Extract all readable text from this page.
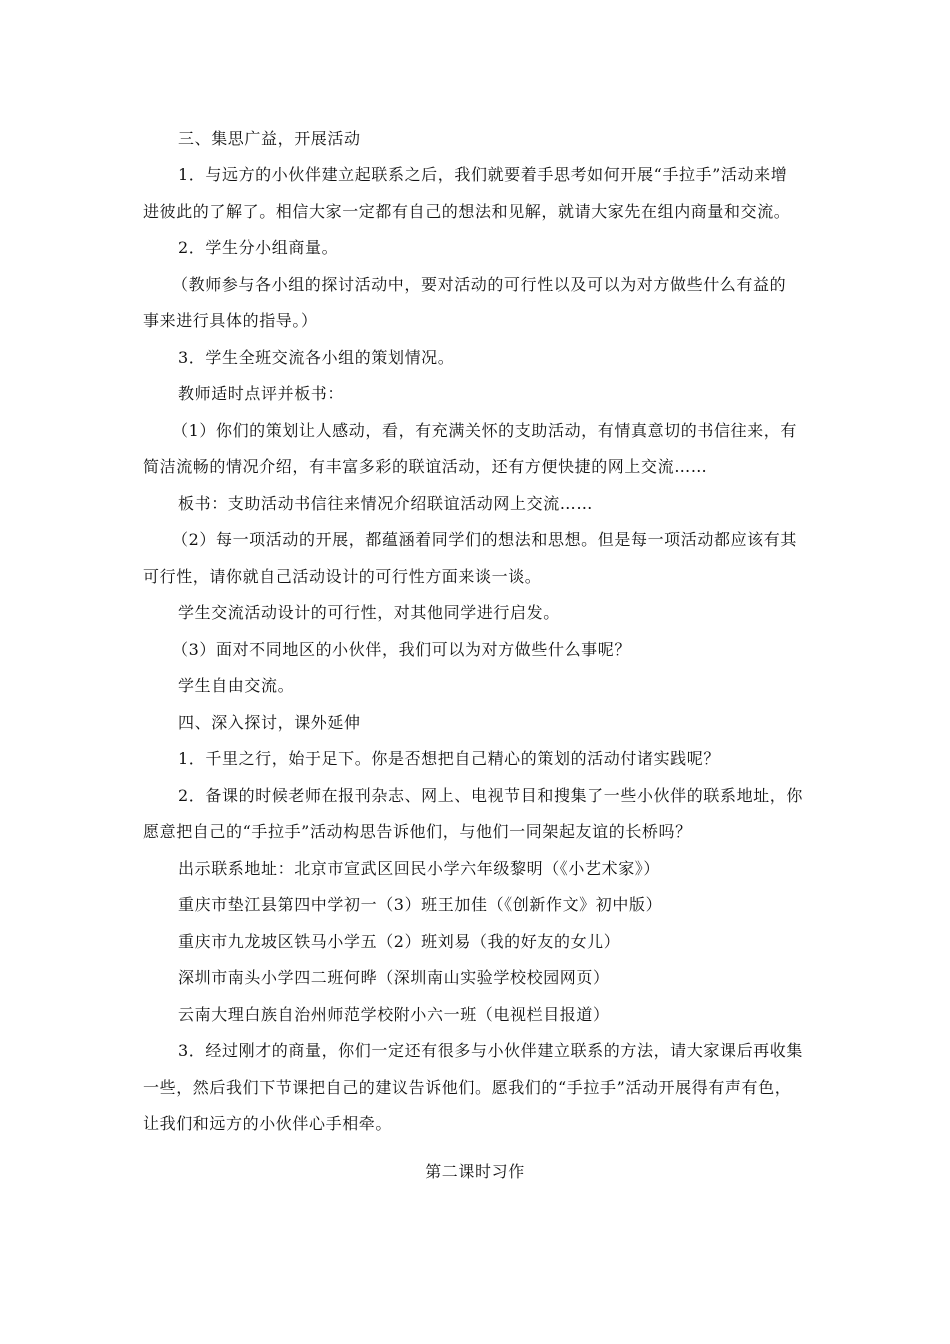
三、集思广益，开展活动
1．与远方的小伙伴建立起联系之后，我们就要着手思考如何开展“手拉手”活动来增
进彼此的了解了。相信大家一定都有自己的想法和见解，就请大家先在组内商量和交流。
2．学生分小组商量。
（教师参与各小组的探讨活动中，要对活动的可行性以及可以为对方做些什么有益的
事来进行具体的指导。）
3．学生全班交流各小组的策划情况。
教师适时点评并板书：
（1）你们的策划让人感动，看，有充满关怀的支助活动，有情真意切的书信往来，有
简洁流畅的情况介绍，有丰富多彩的联谊活动，还有方便快捷的网上交流……
板书：支助活动书信往来情况介绍联谊活动网上交流……
（2）每一项活动的开展，都蕴涵着同学们的想法和思想。但是每一项活动都应该有其
可行性，请你就自己活动设计的可行性方面来谈一谈。
学生交流活动设计的可行性，对其他同学进行启发。
（3）面对不同地区的小伙伴，我们可以为对方做些什么事呢？
学生自由交流。
四、深入探讨，课外延伸
1．千里之行，始于足下。你是否想把自己精心的策划的活动付诸实践呢？
2．备课的时候老师在报刊杂志、网上、电视节目和搜集了一些小伙伴的联系地址，你
愿意把自己的“手拉手”活动构思告诉他们，与他们一同架起友谊的长桥吗？
出示联系地址：北京市宣武区回民小学六年级黎明（《小艺术家》）
重庆市垫江县第四中学初一（3）班王加佳（《创新作文》初中版）
重庆市九龙坡区铁马小学五（2）班刘易（我的好友的女儿）
深圳市南头小学四二班何晔（深圳南山实验学校校园网页）
云南大理白族自治州师范学校附小六一班（电视栏目报道）
3．经过刚才的商量，你们一定还有很多与小伙伴建立联系的方法，请大家课后再收集
一些，然后我们下节课把自己的建议告诉他们。愿我们的“手拉手”活动开展得有声有色，
让我们和远方的小伙伴心手相牵。
第二课时习作
